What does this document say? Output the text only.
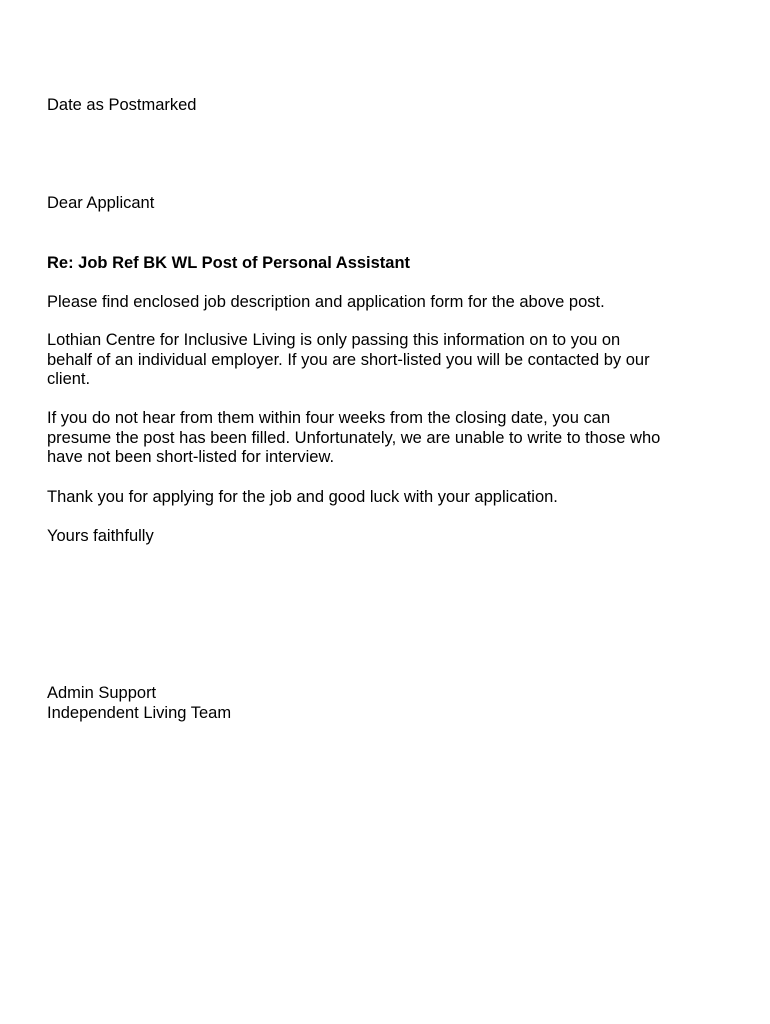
Date as Postmarked
Dear Applicant
Re: Job Ref BK WL Post of Personal Assistant
Please find enclosed job description and application form for the above post.
Lothian Centre for Inclusive Living is only passing this information on to you on
behalf of an individual employer. If you are short-listed you will be contacted by our
client.
If you do not hear from them within four weeks from the closing date, you can
presume the post has been filled. Unfortunately, we are unable to write to those who
have not been short-listed for interview.
Thank you for applying for the job and good luck with your application.
Yours faithfully
Admin Support
Independent Living Team
